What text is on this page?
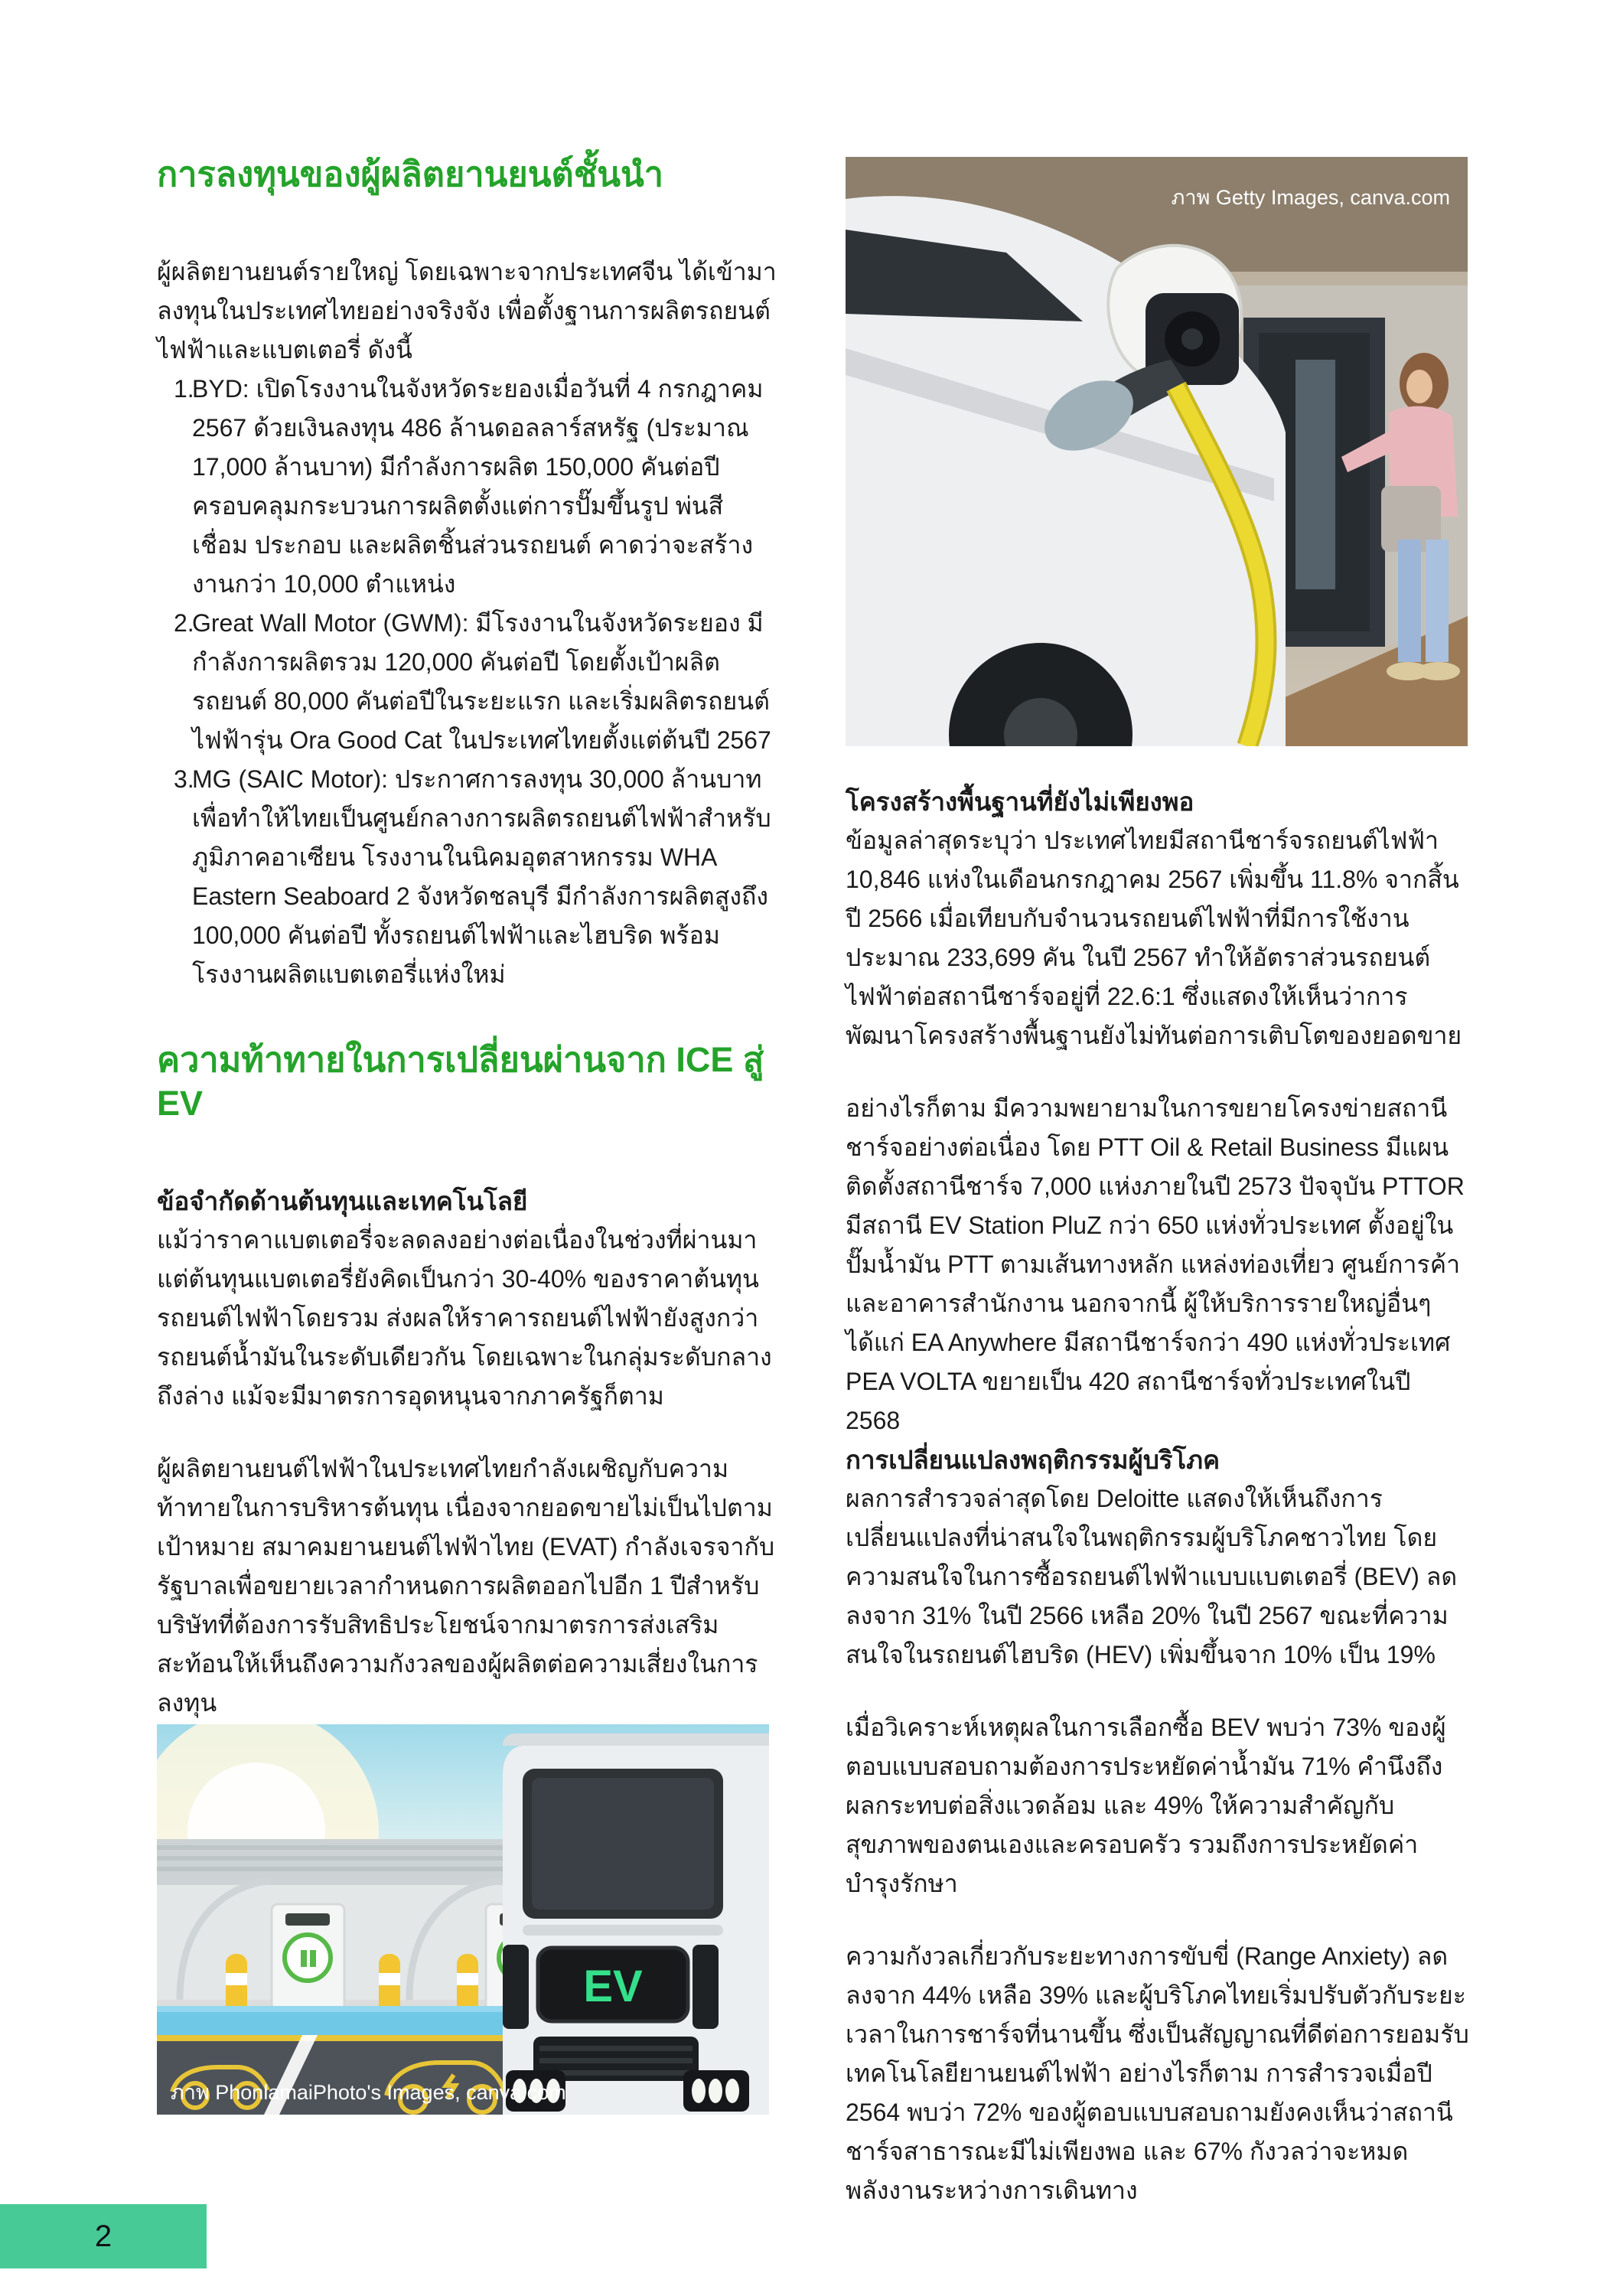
การลงทุนของผู้ผลิตยานยนต์ชั้นนำ

ผู้ผลิตยานยนต์รายใหญ่ โดยเฉพาะจากประเทศจีน ได้เข้ามาลงทุนในประเทศไทยอย่างจริงจัง เพื่อตั้งฐานการผลิตรถยนต์ไฟฟ้าและแบตเตอรี่ ดังนี้

1.
BYD: เปิดโรงงานในจังหวัดระยองเมื่อวันที่ 4 กรกฎาคม 2567 ด้วยเงินลงทุน 486 ล้านดอลลาร์สหรัฐ (ประมาณ 17,000 ล้านบาท) มีกำลังการผลิต 150,000 คันต่อปี ครอบคลุมกระบวนการผลิตตั้งแต่การปั๊มขึ้นรูป พ่นสี เชื่อม ประกอบ และผลิตชิ้นส่วนรถยนต์ คาดว่าจะสร้างงานกว่า 10,000 ตำแหน่ง
2.
Great Wall Motor (GWM): มีโรงงานในจังหวัดระยอง มีกำลังการผลิตรวม 120,000 คันต่อปี โดยตั้งเป้าผลิตรถยนต์ 80,000 คันต่อปีในระยะแรก และเริ่มผลิตรถยนต์ไฟฟ้ารุ่น Ora Good Cat ในประเทศไทยตั้งแต่ต้นปี 2567
3.
MG (SAIC Motor): ประกาศการลงทุน 30,000 ล้านบาท เพื่อทำให้ไทยเป็นศูนย์กลางการผลิตรถยนต์ไฟฟ้าสำหรับภูมิภาคอาเซียน โรงงานในนิคมอุตสาหกรรม WHA Eastern Seaboard 2 จังหวัดชลบุรี มีกำลังการผลิตสูงถึง 100,000 คันต่อปี ทั้งรถยนต์ไฟฟ้าและไฮบริด พร้อมโรงงานผลิตแบตเตอรี่แห่งใหม่
ความท้าทายในการเปลี่ยนผ่านจาก ICE สู่ EV

ข้อจำกัดด้านต้นทุนและเทคโนโลยี

แม้ว่าราคาแบตเตอรี่จะลดลงอย่างต่อเนื่องในช่วงที่ผ่านมา แต่ต้นทุนแบตเตอรี่ยังคิดเป็นกว่า 30-40% ของราคาต้นทุนรถยนต์ไฟฟ้าโดยรวม ส่งผลให้ราคารถยนต์ไฟฟ้ายังสูงกว่ารถยนต์น้ำมันในระดับเดียวกัน โดยเฉพาะในกลุ่มระดับกลางถึงล่าง แม้จะมีมาตรการอุดหนุนจากภาครัฐก็ตาม

ผู้ผลิตยานยนต์ไฟฟ้าในประเทศไทยกำลังเผชิญกับความท้าทายในการบริหารต้นทุน เนื่องจากยอดขายไม่เป็นไปตามเป้าหมาย สมาคมยานยนต์ไฟฟ้าไทย (EVAT) กำลังเจรจากับรัฐบาลเพื่อขยายเวลากำหนดการผลิตออกไปอีก 1 ปีสำหรับบริษัทที่ต้องการรับสิทธิประโยชน์จากมาตรการส่งเสริม สะท้อนให้เห็นถึงความกังวลของผู้ผลิตต่อความเสี่ยงในการลงทุน

โครงสร้างพื้นฐานที่ยังไม่เพียงพอ

ข้อมูลล่าสุดระบุว่า ประเทศไทยมีสถานีชาร์จรถยนต์ไฟฟ้า 10,846 แห่งในเดือนกรกฎาคม 2567 เพิ่มขึ้น 11.8% จากสิ้นปี 2566 เมื่อเทียบกับจำนวนรถยนต์ไฟฟ้าที่มีการใช้งานประมาณ 233,699 คัน ในปี 2567 ทำให้อัตราส่วนรถยนต์ไฟฟ้าต่อสถานีชาร์จอยู่ที่ 22.6:1 ซึ่งแสดงให้เห็นว่าการพัฒนาโครงสร้างพื้นฐานยังไม่ทันต่อการเติบโตของยอดขาย

อย่างไรก็ตาม มีความพยายามในการขยายโครงข่ายสถานีชาร์จอย่างต่อเนื่อง โดย PTT Oil & Retail Business มีแผนติดตั้งสถานีชาร์จ 7,000 แห่งภายในปี 2573 ปัจจุบัน PTTOR มีสถานี EV Station PluZ กว่า 650 แห่งทั่วประเทศ ตั้งอยู่ในปั๊มน้ำมัน PTT ตามเส้นทางหลัก แหล่งท่องเที่ยว ศูนย์การค้า และอาคารสำนักงาน นอกจากนี้ ผู้ให้บริการรายใหญ่อื่นๆ ได้แก่ EA Anywhere มีสถานีชาร์จกว่า 490 แห่งทั่วประเทศ PEA VOLTA ขยายเป็น 420 สถานีชาร์จทั่วประเทศในปี 2568

การเปลี่ยนแปลงพฤติกรรมผู้บริโภค

ผลการสำรวจล่าสุดโดย Deloitte แสดงให้เห็นถึงการเปลี่ยนแปลงที่น่าสนใจในพฤติกรรมผู้บริโภคชาวไทย โดยความสนใจในการซื้อรถยนต์ไฟฟ้าแบบแบตเตอรี่ (BEV) ลดลงจาก 31% ในปี 2566 เหลือ 20% ในปี 2567 ขณะที่ความสนใจในรถยนต์ไฮบริด (HEV) เพิ่มขึ้นจาก 10% เป็น 19%

เมื่อวิเคราะห์เหตุผลในการเลือกซื้อ BEV พบว่า 73% ของผู้ตอบแบบสอบถามต้องการประหยัดค่าน้ำมัน 71% คำนึงถึงผลกระทบต่อสิ่งแวดล้อม และ 49% ให้ความสำคัญกับสุขภาพของตนเองและครอบครัว รวมถึงการประหยัดค่าบำรุงรักษา

ความกังวลเกี่ยวกับระยะทางการขับขี่ (Range Anxiety) ลดลงจาก 44% เหลือ 39% และผู้บริโภคไทยเริ่มปรับตัวกับระยะเวลาในการชาร์จที่นานขึ้น ซึ่งเป็นสัญญาณที่ดีต่อการยอมรับเทคโนโลยียานยนต์ไฟฟ้า อย่างไรก็ตาม การสำรวจเมื่อปี 2564 พบว่า 72% ของผู้ตอบแบบสอบถามยังคงเห็นว่าสถานีชาร์จสาธารณะมีไม่เพียงพอ และ 67% กังวลว่าจะหมดพลังงานระหว่างการเดินทาง

ภาพ Getty Images, canva.com
EV
ภาพ PhonlamaiPhoto's Images, canva.com
2
